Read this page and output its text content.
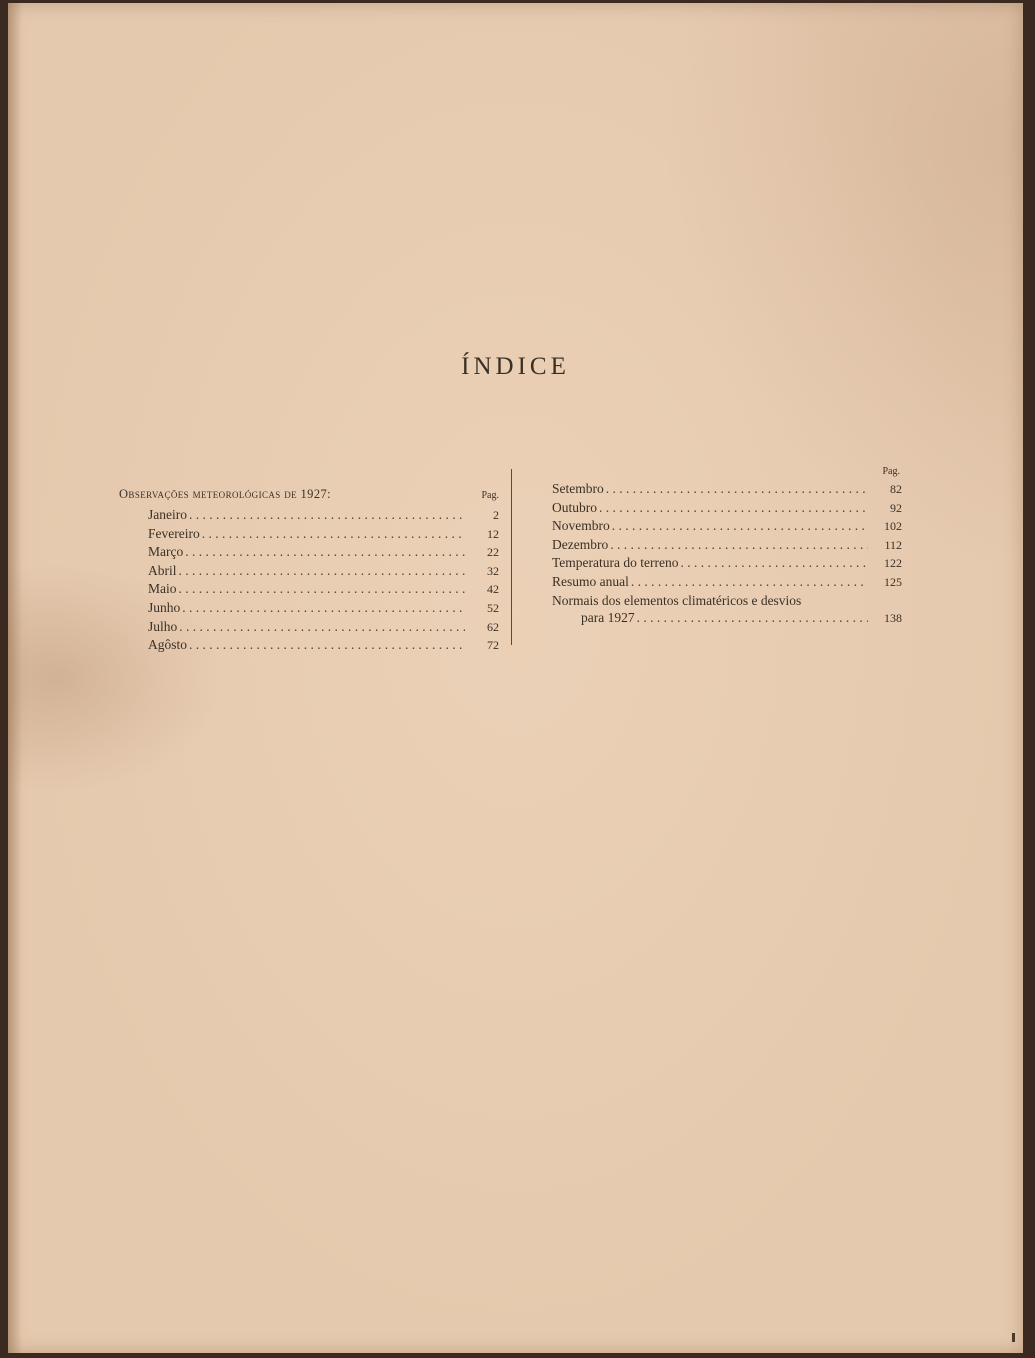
ÍNDICE
Observações meteorológicas de 1927:	Pag.
Janeiro . . .	2
Fevereiro . . .	12
Março . . .	22
Abril . . .	32
Maio . . .	42
Junho . . .	52
Julho . . .	62
Agôsto . . .	72
Pag.
Setembro . . .	82
Outubro . . .	92
Novembro . . .	102
Dezembro . . .	112
Temperatura do terreno . . .	122
Resumo anual . . .	125
Normais dos elementos climatéricos e desvios
para 1927 . . .	138
